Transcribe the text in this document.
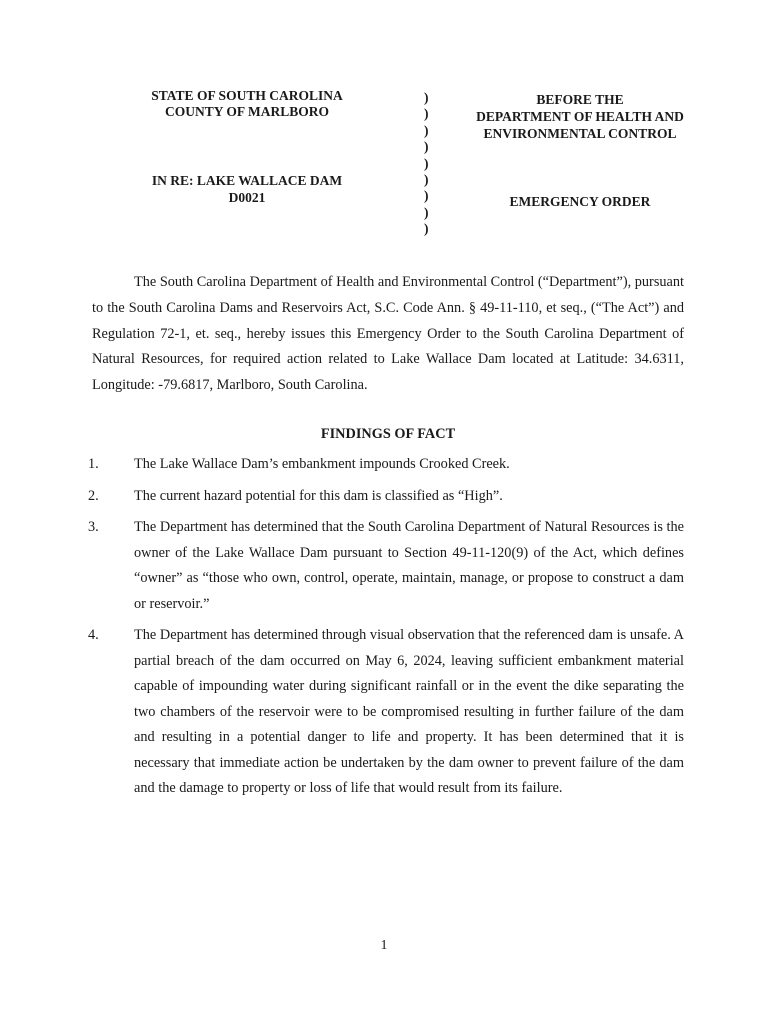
STATE OF SOUTH CAROLINA
COUNTY OF MARLBORO
IN RE: LAKE WALLACE DAM
D0021
)
)
)
)
)
)
)
)
)
BEFORE THE
DEPARTMENT OF HEALTH AND
ENVIRONMENTAL CONTROL
EMERGENCY ORDER

The South Carolina Department of Health and Environmental Control (“Department”), pursuant to the South Carolina Dams and Reservoirs Act, S.C. Code Ann. § 49-11-110, et seq., (“The Act”) and Regulation 72-1, et. seq., hereby issues this Emergency Order to the South Carolina Department of Natural Resources, for required action related to Lake Wallace Dam located at Latitude: 34.6311, Longitude: -79.6817, Marlboro, South Carolina.

FINDINGS OF FACT
1.	The Lake Wallace Dam’s embankment impounds Crooked Creek.

2.	The current hazard potential for this dam is classified as “High”.

3.	The Department has determined that the South Carolina Department of Natural Resources is the owner of the Lake Wallace Dam pursuant to Section 49-11-120(9) of the Act, which defines “owner” as “those who own, control, operate, maintain, manage, or propose to construct a dam or reservoir.”

4.	The Department has determined through visual observation that the referenced dam is unsafe. A partial breach of the dam occurred on May 6, 2024, leaving sufficient embankment material capable of impounding water during significant rainfall or in the event the dike separating the two chambers of the reservoir were to be compromised resulting in further failure of the dam and resulting in a potential danger to life and property. It has been determined that it is necessary that immediate action be undertaken by the dam owner to prevent failure of the dam and the damage to property or loss of life that would result from its failure.

1
